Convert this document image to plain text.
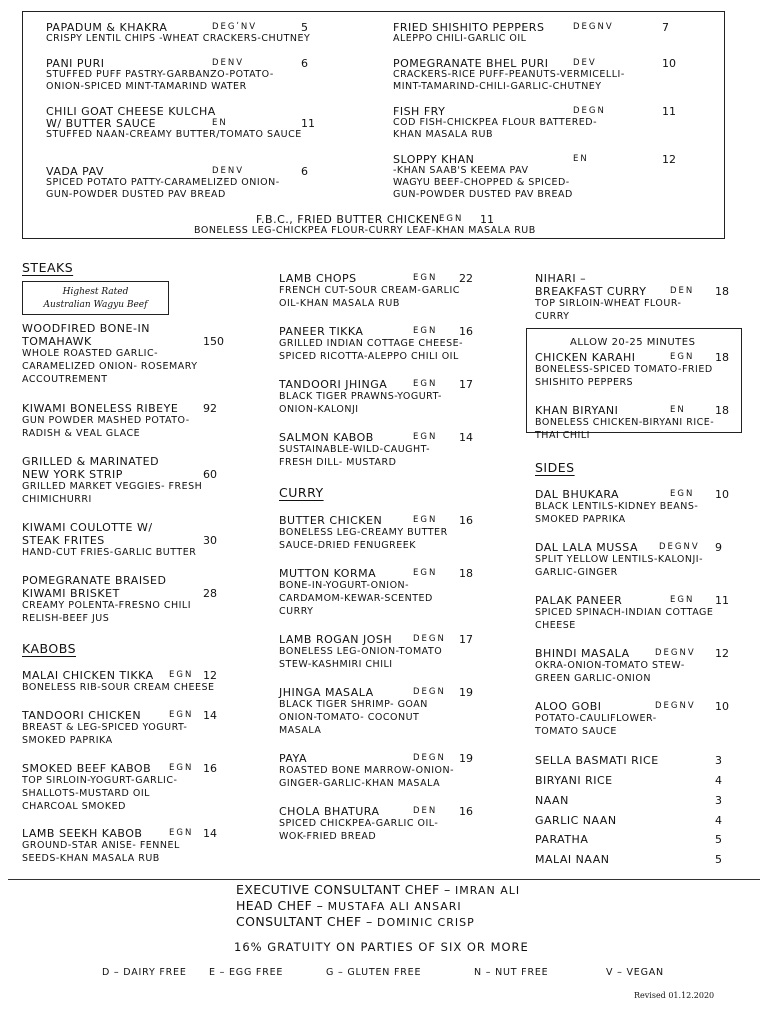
PAPADUM & KHAKRA	DEGʹNV	5
CRISPY LENTIL CHIPS -WHEAT CRACKERS-CHUTNEY
FRIED SHISHITO PEPPERS	DEGNV	7
ALEPPO CHILI-GARLIC OIL
PANI PURI	DENV	6
STUFFED PUFF PASTRY-GARBANZO-POTATO-
ONION-SPICED MINT-TAMARIND WATER
POMEGRANATE BHEL PURI	DEV	10
CRACKERS-RICE PUFF-PEANUTS-VERMICELLI-
MINT-TAMARIND-CHILI-GARLIC-CHUTNEY
CHILI GOAT CHEESE KULCHA
W/ BUTTER SAUCE	EN	11
STUFFED NAAN-CREAMY BUTTER/TOMATO SAUCE
FISH FRY	DEGN	11
COD FISH-CHICKPEA FLOUR BATTERED-
KHAN MASALA RUB
VADA PAV	DENV	6
SPICED POTATO PATTY-CARAMELIZED ONION-
GUN-POWDER DUSTED PAV BREAD
SLOPPY KHAN	EN	12
-KHAN SAAB'S KEEMA PAV
WAGYU BEEF-CHOPPED & SPICED-
GUN-POWDER DUSTED PAV BREAD
F.B.C., FRIED BUTTER CHICKEN EGN 11
BONELESS LEG-CHICKPEA FLOUR-CURRY LEAF-KHAN MASALA RUB
STEAKS
Highest Rated
Australian Wagyu Beef
WOODFIRED BONE-IN
TOMAHAWK	150
WHOLE ROASTED GARLIC-
CARAMELIZED ONION- ROSEMARY
ACCOUTREMENT
KIWAMI BONELESS RIBEYE 92
GUN POWDER MASHED POTATO-
RADISH & VEAL GLACE
GRILLED & MARINATED
NEW YORK STRIP	60
GRILLED MARKET VEGGIES- FRESH
CHIMICHURRI
KIWAMI COULOTTE W/
STEAK FRITES	30
HAND-CUT FRIES-GARLIC BUTTER
POMEGRANATE BRAISED
KIWAMI BRISKET	28
CREAMY POLENTA-FRESNO CHILI
RELISH-BEEF JUS
KABOBS
MALAI CHICKEN TIKKA EGN 12
BONELESS RIB-SOUR CREAM CHEESE
TANDOORI CHICKEN	EGN 14
BREAST & LEG-SPICED YOGURT-
SMOKED PAPRIKA
SMOKED BEEF KABOB EGN 16
TOP SIRLOIN-YOGURT-GARLIC-
SHALLOTS-MUSTARD OIL
CHARCOAL SMOKED
LAMB SEEKH KABOB	EGN 14
GROUND-STAR ANISE- FENNEL
SEEDS-KHAN MASALA RUB
LAMB CHOPS	EGN 22
FRENCH CUT-SOUR CREAM-GARLIC
OIL-KHAN MASALA RUB
PANEER TIKKA	EGN 16
GRILLED INDIAN COTTAGE CHEESE-
SPICED RICOTTA-ALEPPO CHILI OIL
TANDOORI JHINGA	EGN 17
BLACK TIGER PRAWNS-YOGURT-
ONION-KALONJI
SALMON KABOB	EGN 14
SUSTAINABLE-WILD-CAUGHT-
FRESH DILL- MUSTARD
CURRY
BUTTER CHICKEN	EGN 16
BONELESS LEG-CREAMY BUTTER
SAUCE-DRIED FENUGREEK
MUTTON KORMA	EGN 18
BONE-IN-YOGURT-ONION-
CARDAMOM-KEWAR-SCENTED
CURRY
LAMB ROGAN JOSH DEGN 17
BONELESS LEG-ONION-TOMATO
STEW-KASHMIRI CHILI
JHINGA MASALA	DEGN 19
BLACK TIGER SHRIMP- GOAN
ONION-TOMATO- COCONUT
MASALA
PAYA	DEGN 19
ROASTED BONE MARROW-ONION-
GINGER-GARLIC-KHAN MASALA
CHOLA BHATURA	DEN 16
SPICED CHICKPEA-GARLIC OIL-
WOK-FRIED BREAD
NIHARI –
BREAKFAST CURRY	DEN 18
TOP SIRLOIN-WHEAT FLOUR-
CURRY
ALLOW 20-25 MINUTES
CHICKEN KARAHI	EGN 18
BONELESS-SPICED TOMATO-FRIED
SHISHITO PEPPERS
KHAN BIRYANI	EN	18
BONELESS CHICKEN-BIRYANI RICE-
THAI CHILI
SIDES
DAL BHUKARA	EGN 10
BLACK LENTILS-KIDNEY BEANS-
SMOKED PAPRIKA
DAL LALA MUSSA DEGNV 9
SPLIT YELLOW LENTILS-KALONJI-
GARLIC-GINGER
PALAK PANEER	EGN 11
SPICED SPINACH-INDIAN COTTAGE
CHEESE
BHINDI MASALA	DEGNV 12
OKRA-ONION-TOMATO STEW-
GREEN GARLIC-ONION
ALOO GOBI	DEGNV 10
POTATO-CAULIFLOWER-
TOMATO SAUCE
SELLA BASMATI RICE	3
BIRYANI RICE	4
NAAN	3
GARLIC NAAN	4
PARATHA	5
MALAI NAAN	5
EXECUTIVE CONSULTANT CHEF – IMRAN ALI
HEAD CHEF – MUSTAFA ALI ANSARI
CONSULTANT CHEF – DOMINIC CRISP
16% GRATUITY ON PARTIES OF SIX OR MORE
D – DAIRY FREE E – EGG FREE	G – GLUTEN FREE	N – NUT FREE	V – VEGAN
Revised 01.12.2020
